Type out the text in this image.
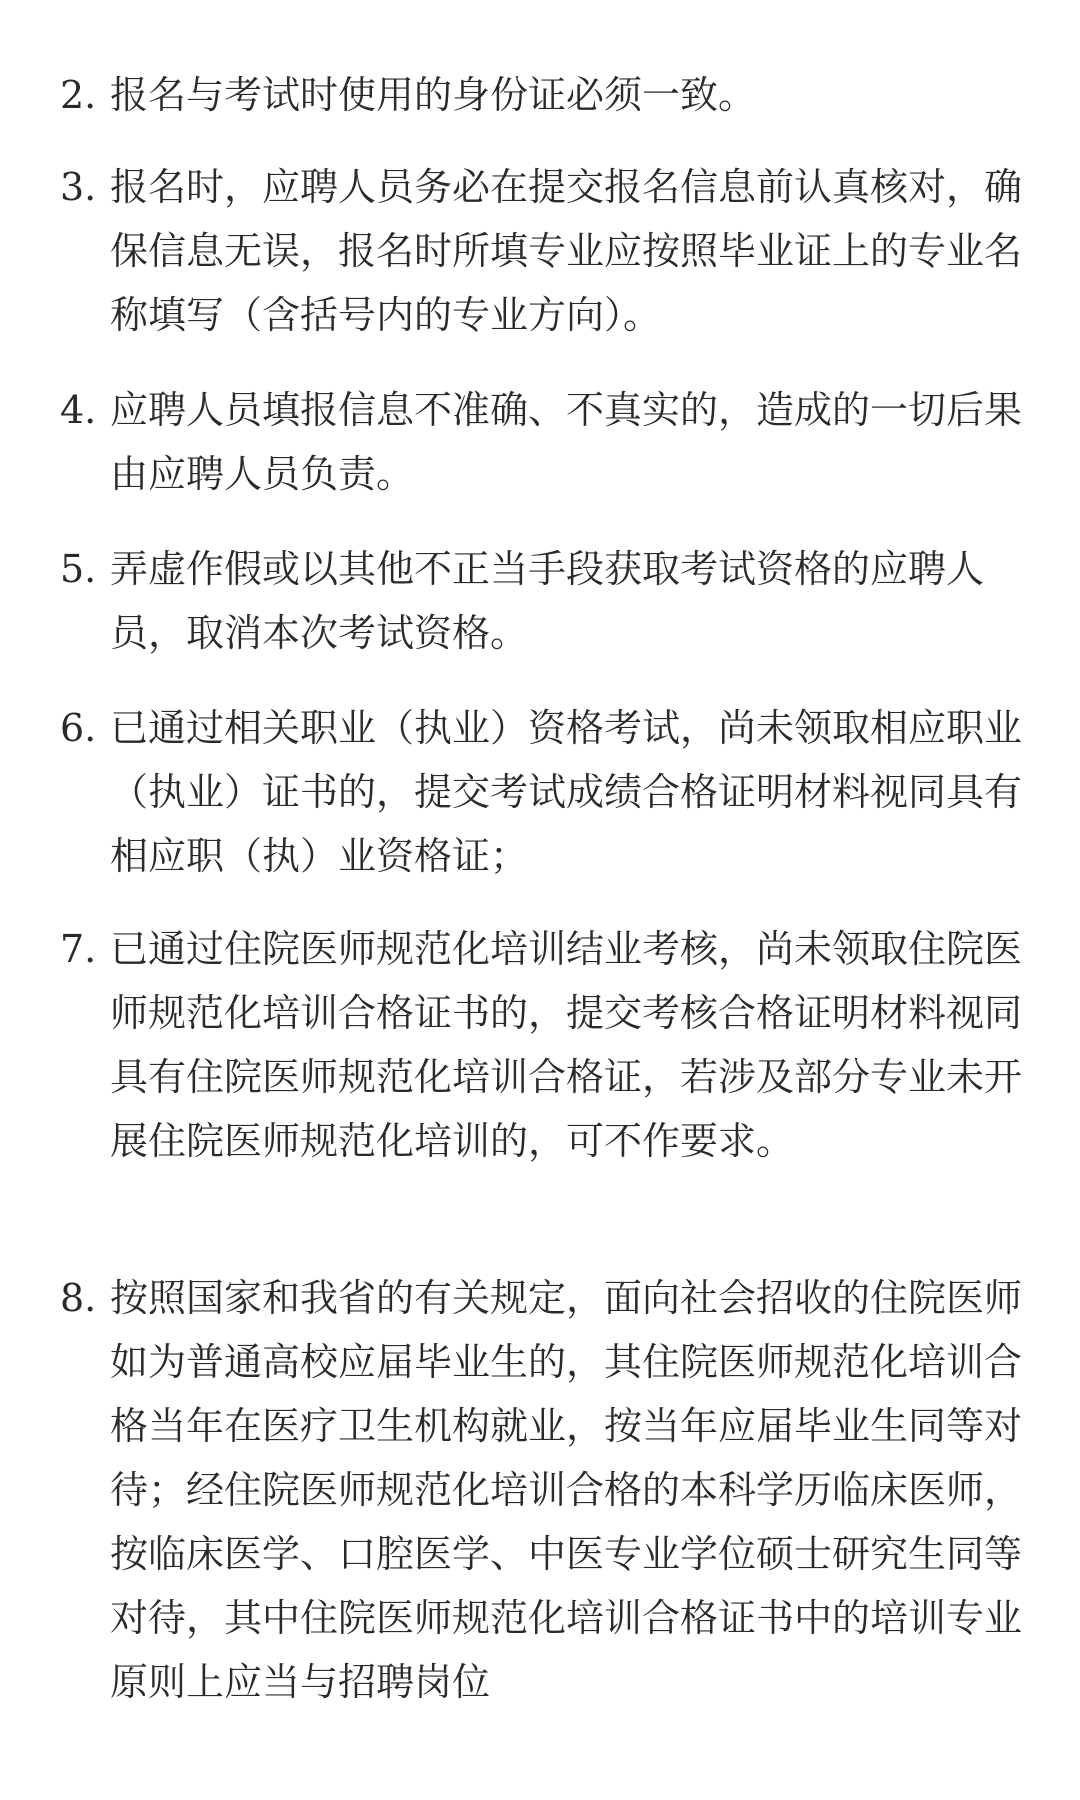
2. 报名与考试时使用的身份证必须一致。
3. 报名时，应聘人员务必在提交报名信息前认真核对，确保信息无误，报名时所填专业应按照毕业证上的专业名称填写（含括号内的专业方向）。
4. 应聘人员填报信息不准确、不真实的，造成的一切后果由应聘人员负责。
5. 弄虚作假或以其他不正当手段获取考试资格的应聘人员，取消本次考试资格。
6. 已通过相关职业（执业）资格考试，尚未领取相应职业（执业）证书的，提交考试成绩合格证明材料视同具有相应职（执）业资格证；
7. 已通过住院医师规范化培训结业考核，尚未领取住院医师规范化培训合格证书的，提交考核合格证明材料视同具有住院医师规范化培训合格证，若涉及部分专业未开展住院医师规范化培训的，可不作要求。
8. 按照国家和我省的有关规定，面向社会招收的住院医师如为普通高校应届毕业生的，其住院医师规范化培训合格当年在医疗卫生机构就业，按当年应届毕业生同等对待；经住院医师规范化培训合格的本科学历临床医师，按临床医学、口腔医学、中医专业学位硕士研究生同等对待，其中住院医师规范化培训合格证书中的培训专业原则上应当与招聘岗位
